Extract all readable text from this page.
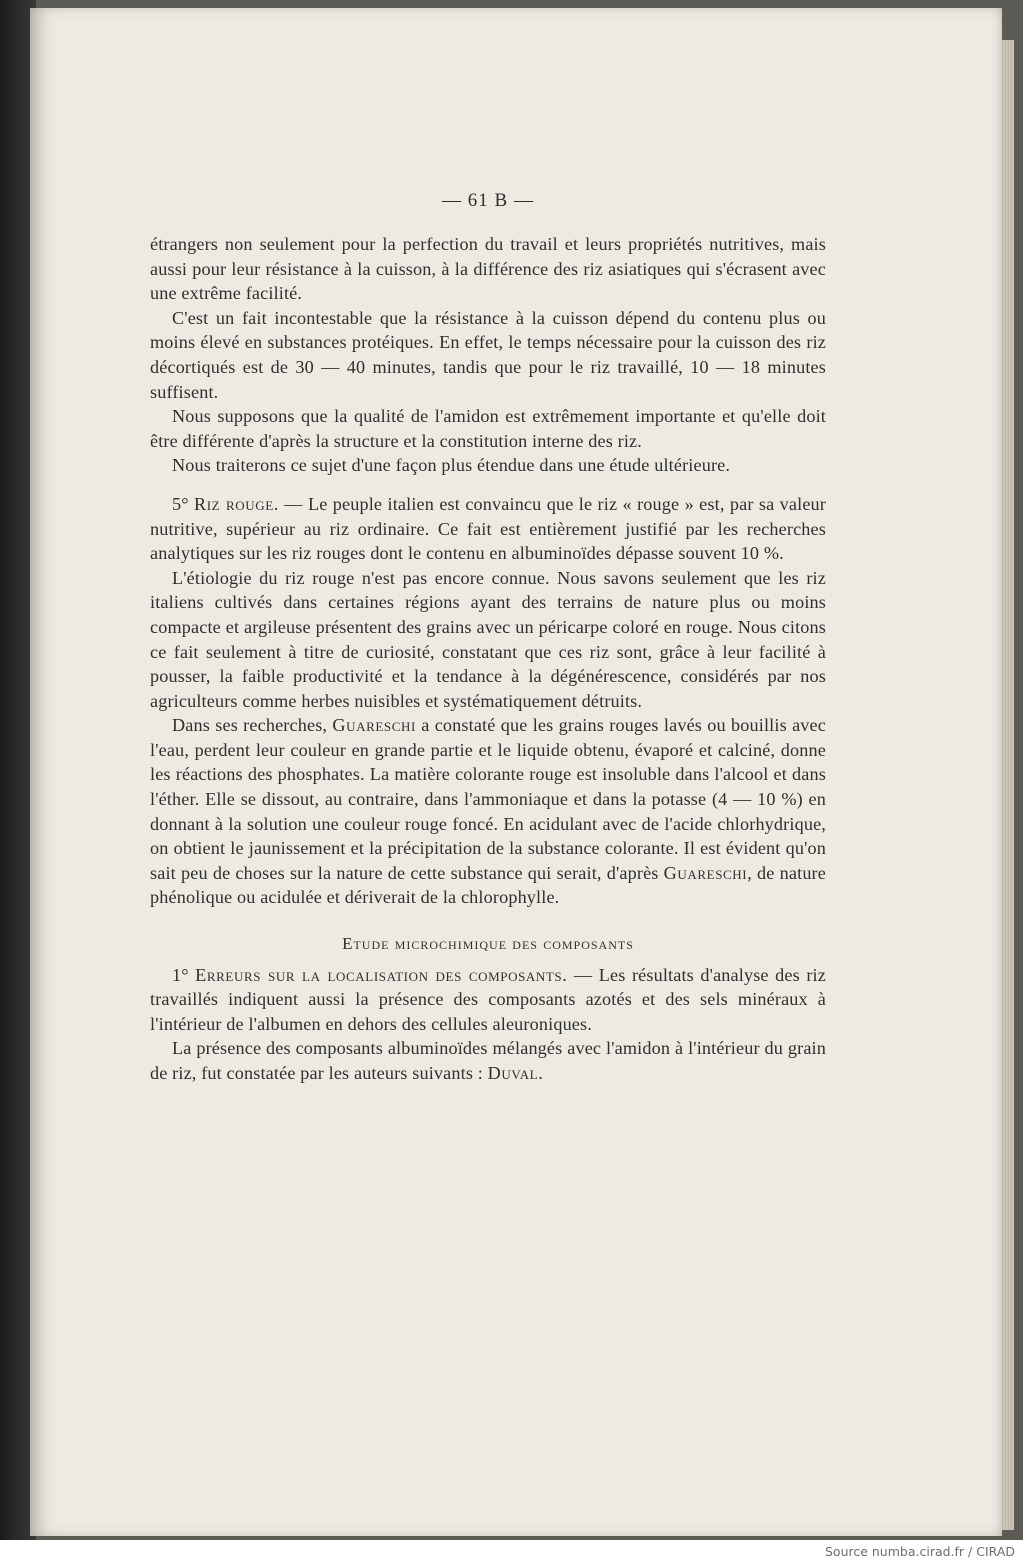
— 61 B —

étrangers non seulement pour la perfection du travail et leurs propriétés nutritives, mais aussi pour leur résistance à la cuisson, à la différence des riz asiatiques qui s'écrasent avec une extrême facilité.

C'est un fait incontestable que la résistance à la cuisson dépend du contenu plus ou moins élevé en substances protéiques. En effet, le temps nécessaire pour la cuisson des riz décortiqués est de 30 — 40 minutes, tandis que pour le riz travaillé, 10 — 18 minutes suffisent.

Nous supposons que la qualité de l'amidon est extrêmement importante et qu'elle doit être différente d'après la structure et la constitution interne des riz.

Nous traiterons ce sujet d'une façon plus étendue dans une étude ultérieure.

5° Riz rouge. — Le peuple italien est convaincu que le riz « rouge » est, par sa valeur nutritive, supérieur au riz ordinaire. Ce fait est entièrement justifié par les recherches analytiques sur les riz rouges dont le contenu en albuminoïdes dépasse souvent 10 %.

L'étiologie du riz rouge n'est pas encore connue. Nous savons seulement que les riz italiens cultivés dans certaines régions ayant des terrains de nature plus ou moins compacte et argileuse présentent des grains avec un péricarpe coloré en rouge. Nous citons ce fait seulement à titre de curiosité, constatant que ces riz sont, grâce à leur facilité à pousser, la faible productivité et la tendance à la dégénérescence, considérés par nos agriculteurs comme herbes nuisibles et systématiquement détruits.

Dans ses recherches, Guareschi a constaté que les grains rouges lavés ou bouillis avec l'eau, perdent leur couleur en grande partie et le liquide obtenu, évaporé et calciné, donne les réactions des phosphates. La matière colorante rouge est insoluble dans l'alcool et dans l'éther. Elle se dissout, au contraire, dans l'ammoniaque et dans la potasse (4 — 10 %) en donnant à la solution une couleur rouge foncé. En acidulant avec de l'acide chlorhydrique, on obtient le jaunissement et la précipitation de la substance colorante. Il est évident qu'on sait peu de choses sur la nature de cette substance qui serait, d'après Guareschi, de nature phénolique ou acidulée et dériverait de la chlorophylle.

Etude microchimique des composants

1° Erreurs sur la localisation des composants. — Les résultats d'analyse des riz travaillés indiquent aussi la présence des composants azotés et des sels minéraux à l'intérieur de l'albumen en dehors des cellules aleuroniques.

La présence des composants albuminoïdes mélangés avec l'amidon à l'intérieur du grain de riz, fut constatée par les auteurs suivants : Duval.

Source numba.cirad.fr / CIRAD
